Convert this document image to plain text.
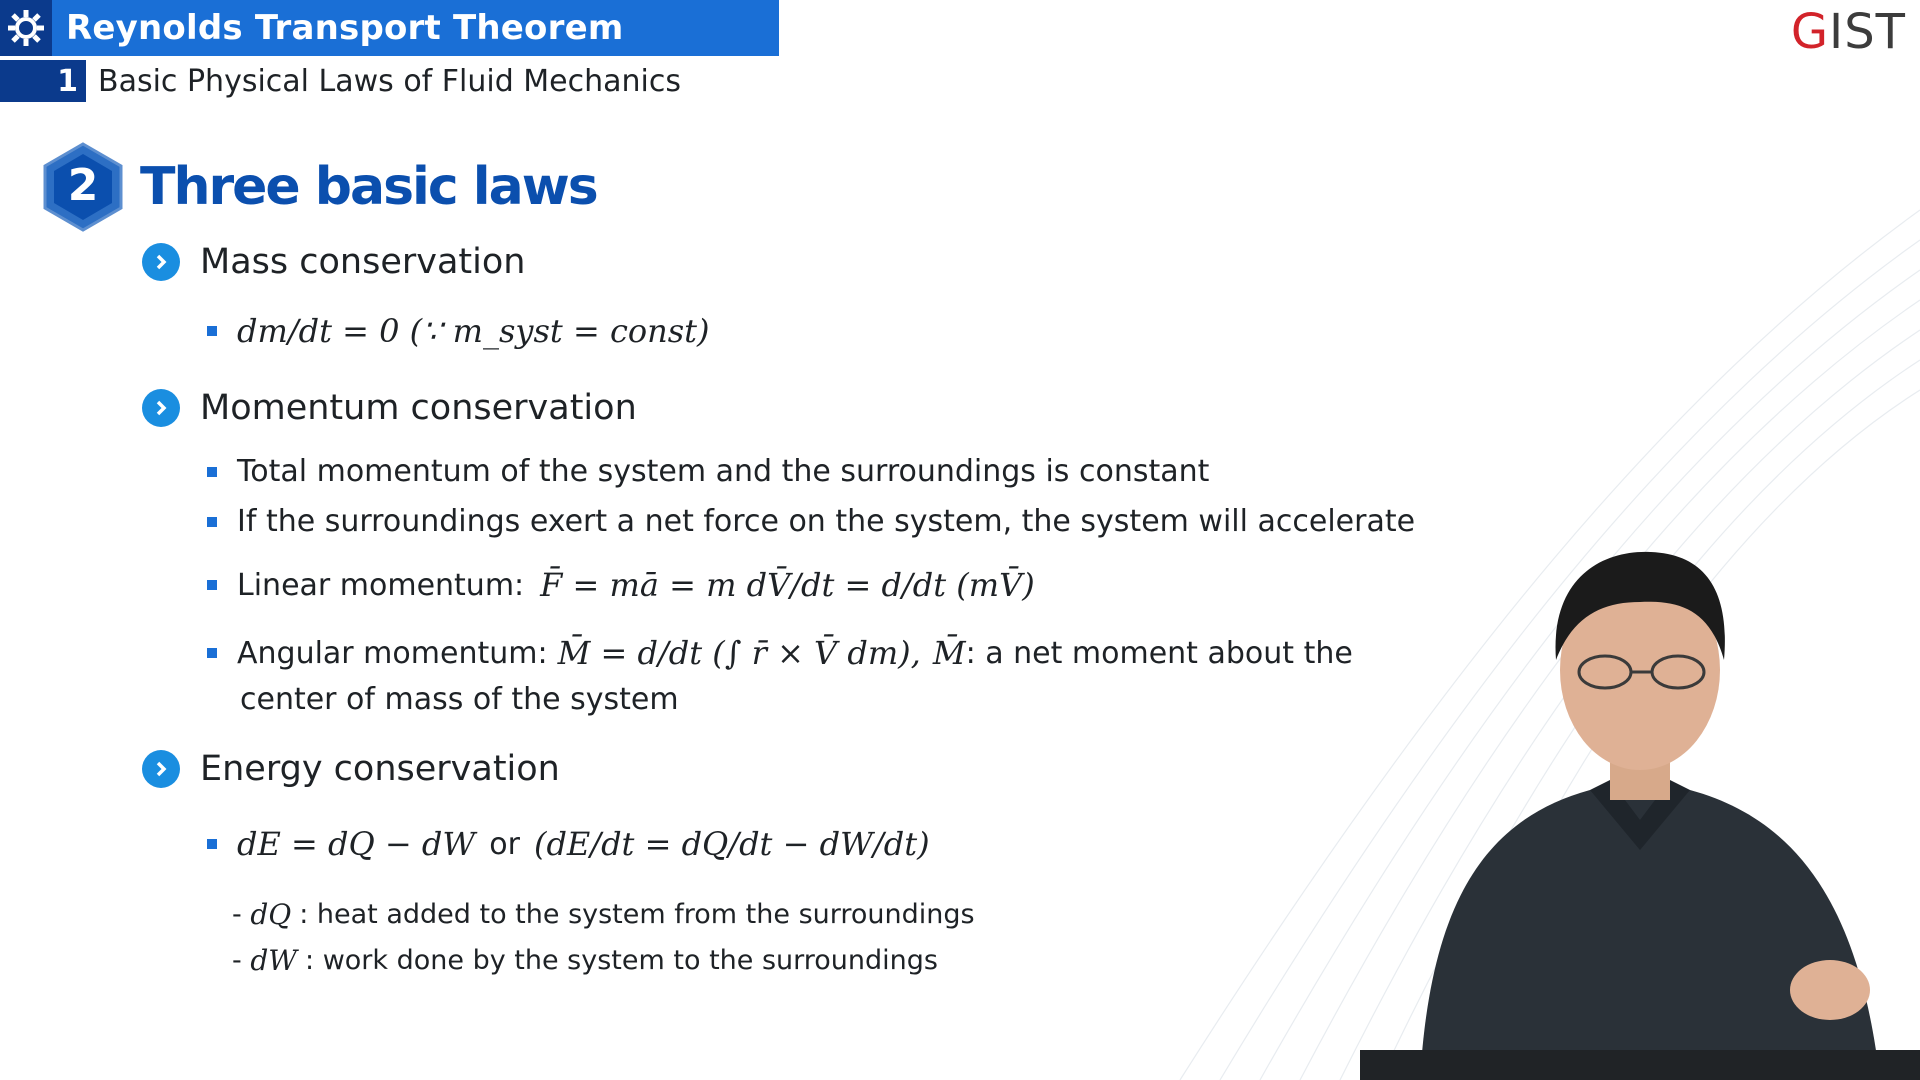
Reynolds Transport Theorem
1 Basic Physical Laws of Fluid Mechanics
GIST
2 Three basic laws
Mass conservation
dm/dt = 0 (∵ m_syst = const)
Momentum conservation
Total momentum of the system and the surroundings is constant
If the surroundings exert a net force on the system, the system will accelerate
Linear momentum: F̄ = mā = m dV̄/dt = d/dt (mV̄)
Angular momentum: M̄ = d/dt (∫ r̄ × V̄ dm), M̄ : a net moment about the
center of mass of the system
Energy conservation
dE = dQ − dW or (dE/dt = dQ/dt − dW/dt)
- dQ : heat added to the system from the surroundings
- dW : work done by the system to the surroundings
